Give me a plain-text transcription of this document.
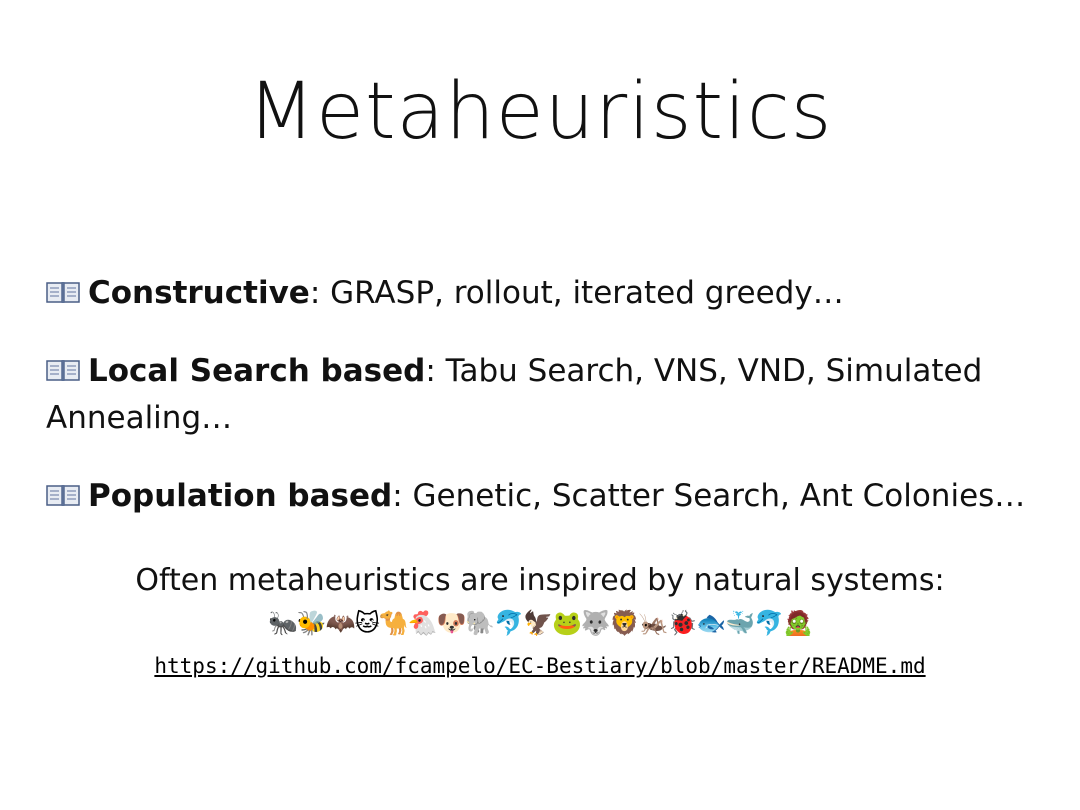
Metaheuristics
Constructive: GRASP, rollout, iterated greedy…
Local Search based: Tabu Search, VNS, VND, Simulated Annealing…
Population based: Genetic, Scatter Search, Ant Colonies…
Often metaheuristics are inspired by natural systems:
🐜🐝🦇🐱🐪🐔🐶🐘🐬🦅🐸🐺🦁🦗🐞🐟🐳🐬🧟
https://github.com/fcampelo/EC-Bestiary/blob/master/README.md
